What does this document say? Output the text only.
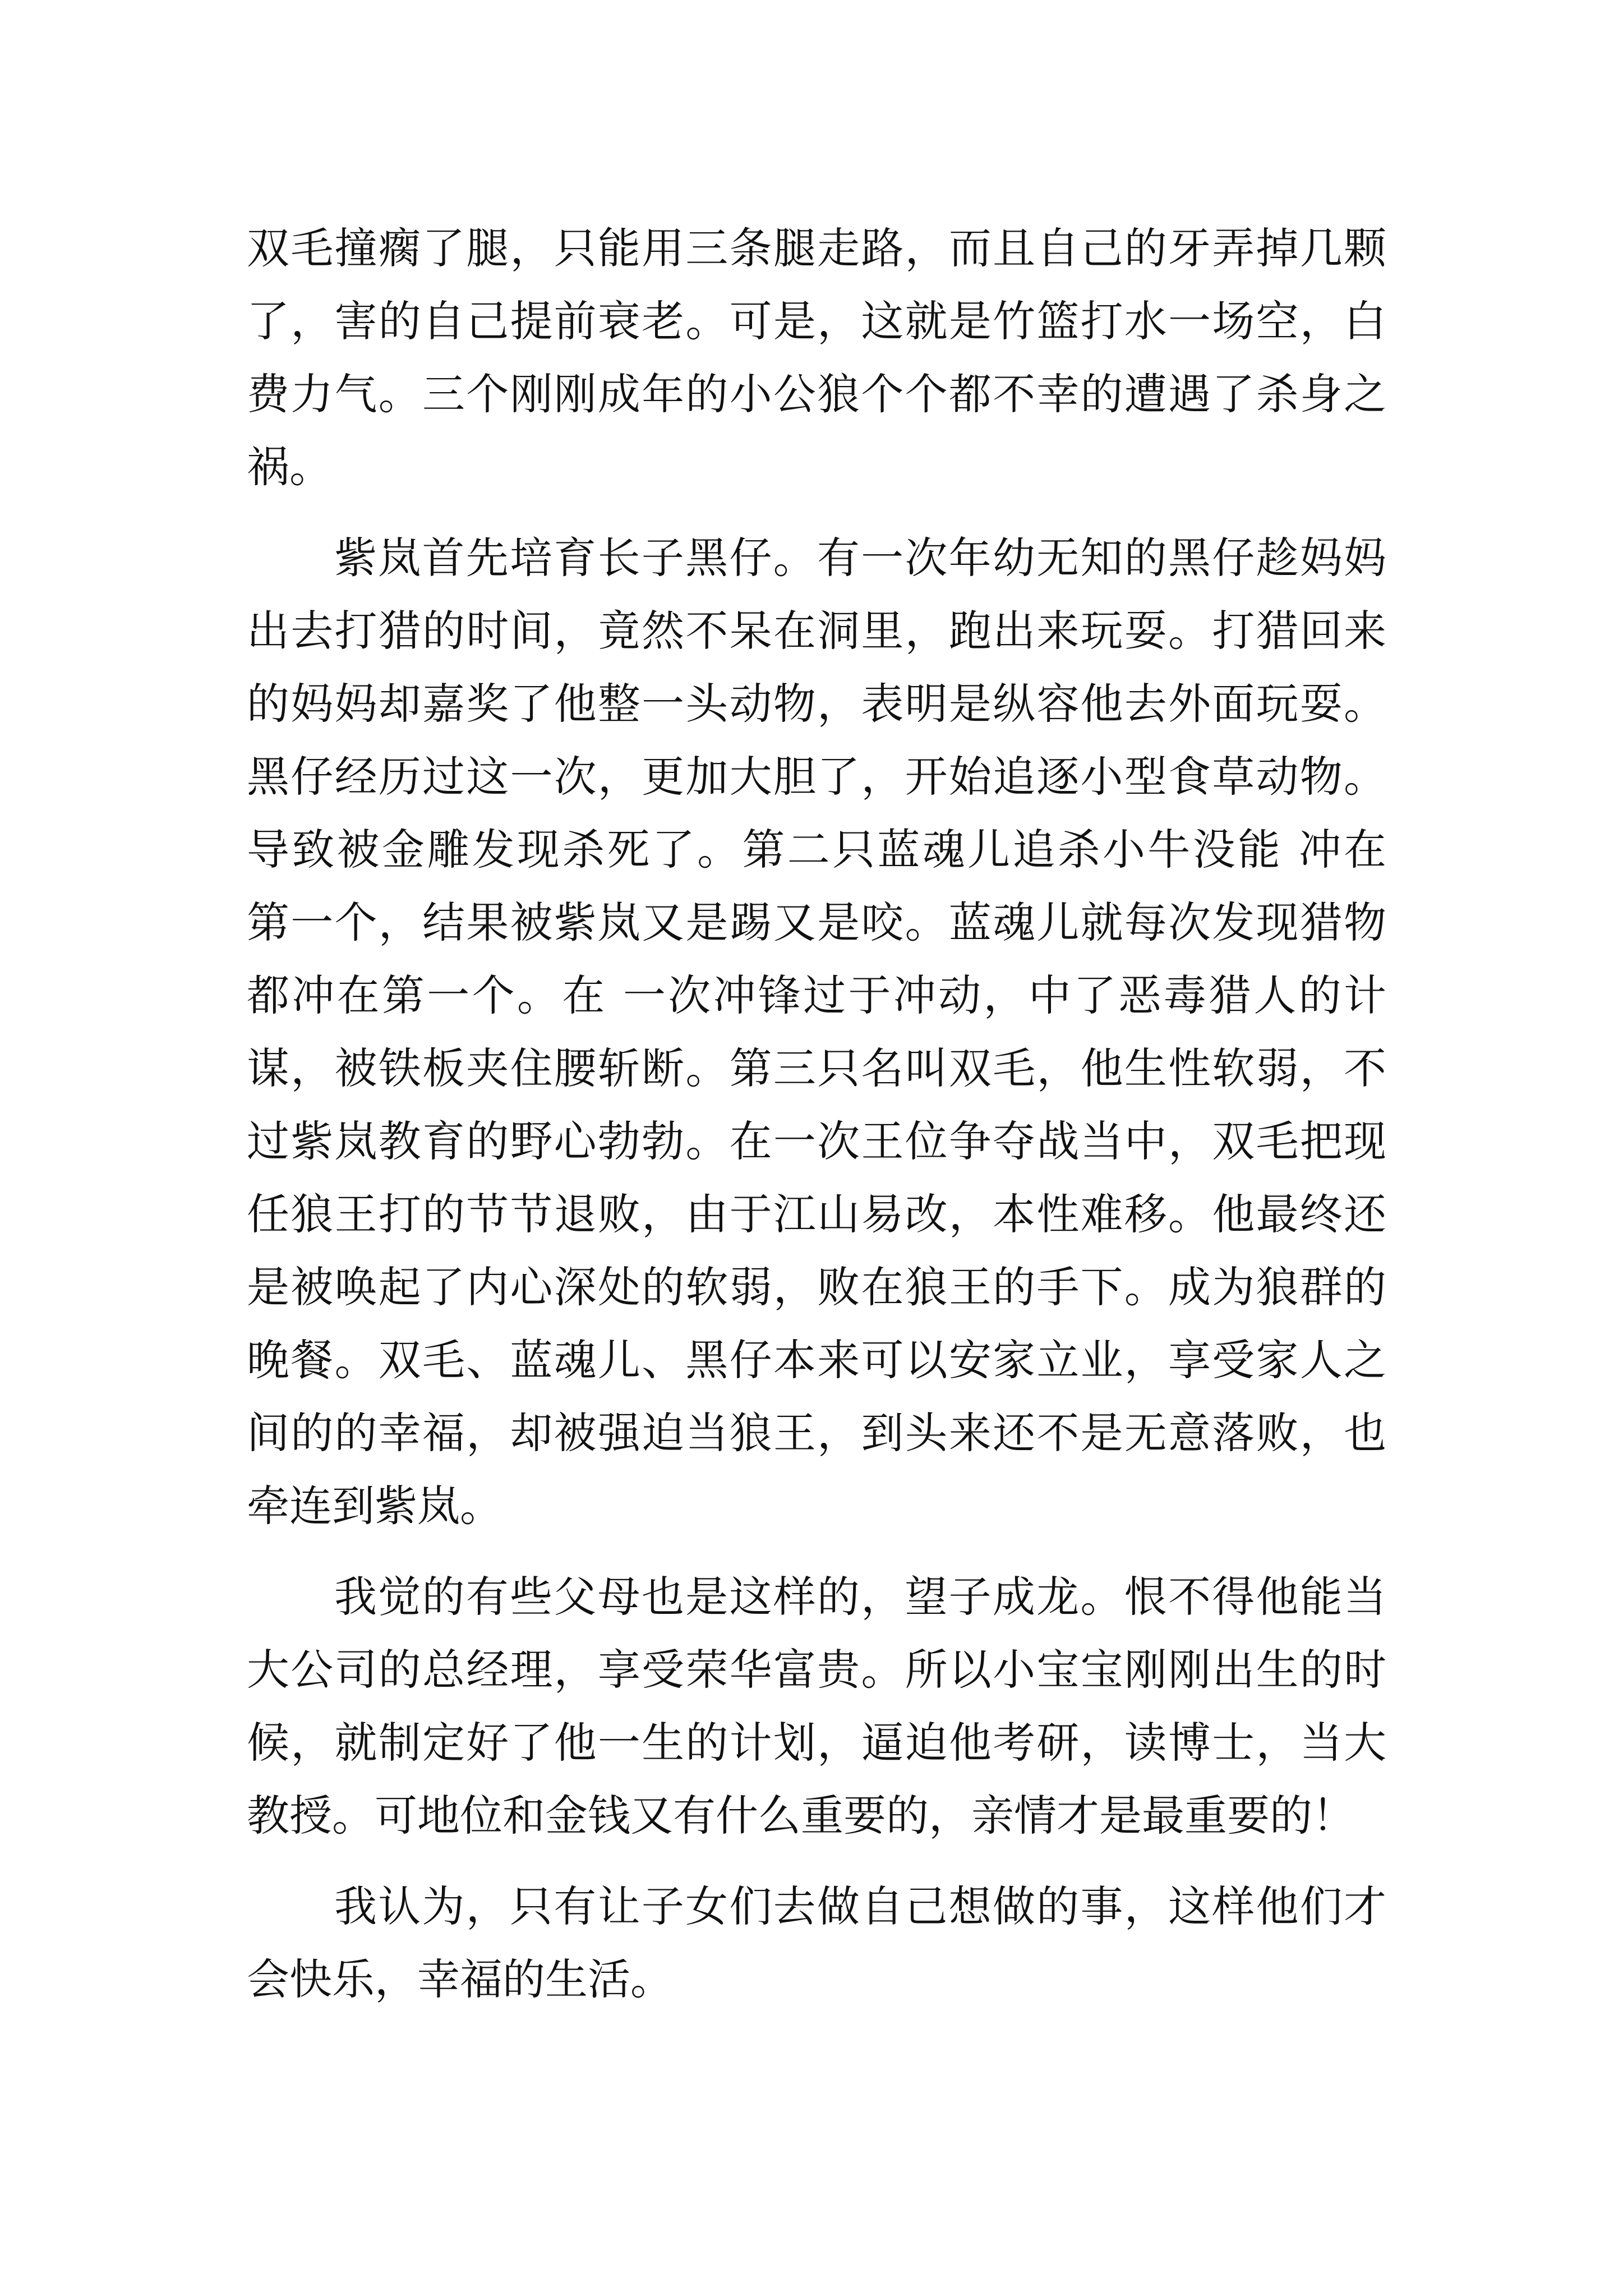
双毛撞瘸了腿，只能用三条腿走路，而且自己的牙弄掉几颗
了，害的自己提前衰老。可是，这就是竹篮打水一场空，白
费力气。三个刚刚成年的小公狼个个都不幸的遭遇了杀身之
祸。
紫岚首先培育长子黑仔。有一次年幼无知的黑仔趁妈妈
出去打猎的时间，竟然不呆在洞里，跑出来玩耍。打猎回来
的妈妈却嘉奖了他整一头动物，表明是纵容他去外面玩耍。
黑仔经历过这一次，更加大胆了，开始追逐小型食草动物。
导致被金雕发现杀死了。第二只蓝魂儿追杀小牛没能 冲在
第一个，结果被紫岚又是踢又是咬。蓝魂儿就每次发现猎物
都冲在第一个。在 一次冲锋过于冲动，中了恶毒猎人的计
谋，被铁板夹住腰斩断。第三只名叫双毛，他生性软弱，不
过紫岚教育的野心勃勃。在一次王位争夺战当中，双毛把现
任狼王打的节节退败，由于江山易改，本性难移。他最终还
是被唤起了内心深处的软弱，败在狼王的手下。成为狼群的
晚餐。双毛、蓝魂儿、黑仔本来可以安家立业，享受家人之
间的的幸福，却被强迫当狼王，到头来还不是无意落败，也
牵连到紫岚。
我觉的有些父母也是这样的，望子成龙。恨不得他能当
大公司的总经理，享受荣华富贵。所以小宝宝刚刚出生的时
候，就制定好了他一生的计划，逼迫他考研，读博士，当大
教授。可地位和金钱又有什么重要的，亲情才是最重要的！
我认为，只有让子女们去做自己想做的事，这样他们才
会快乐，幸福的生活。
